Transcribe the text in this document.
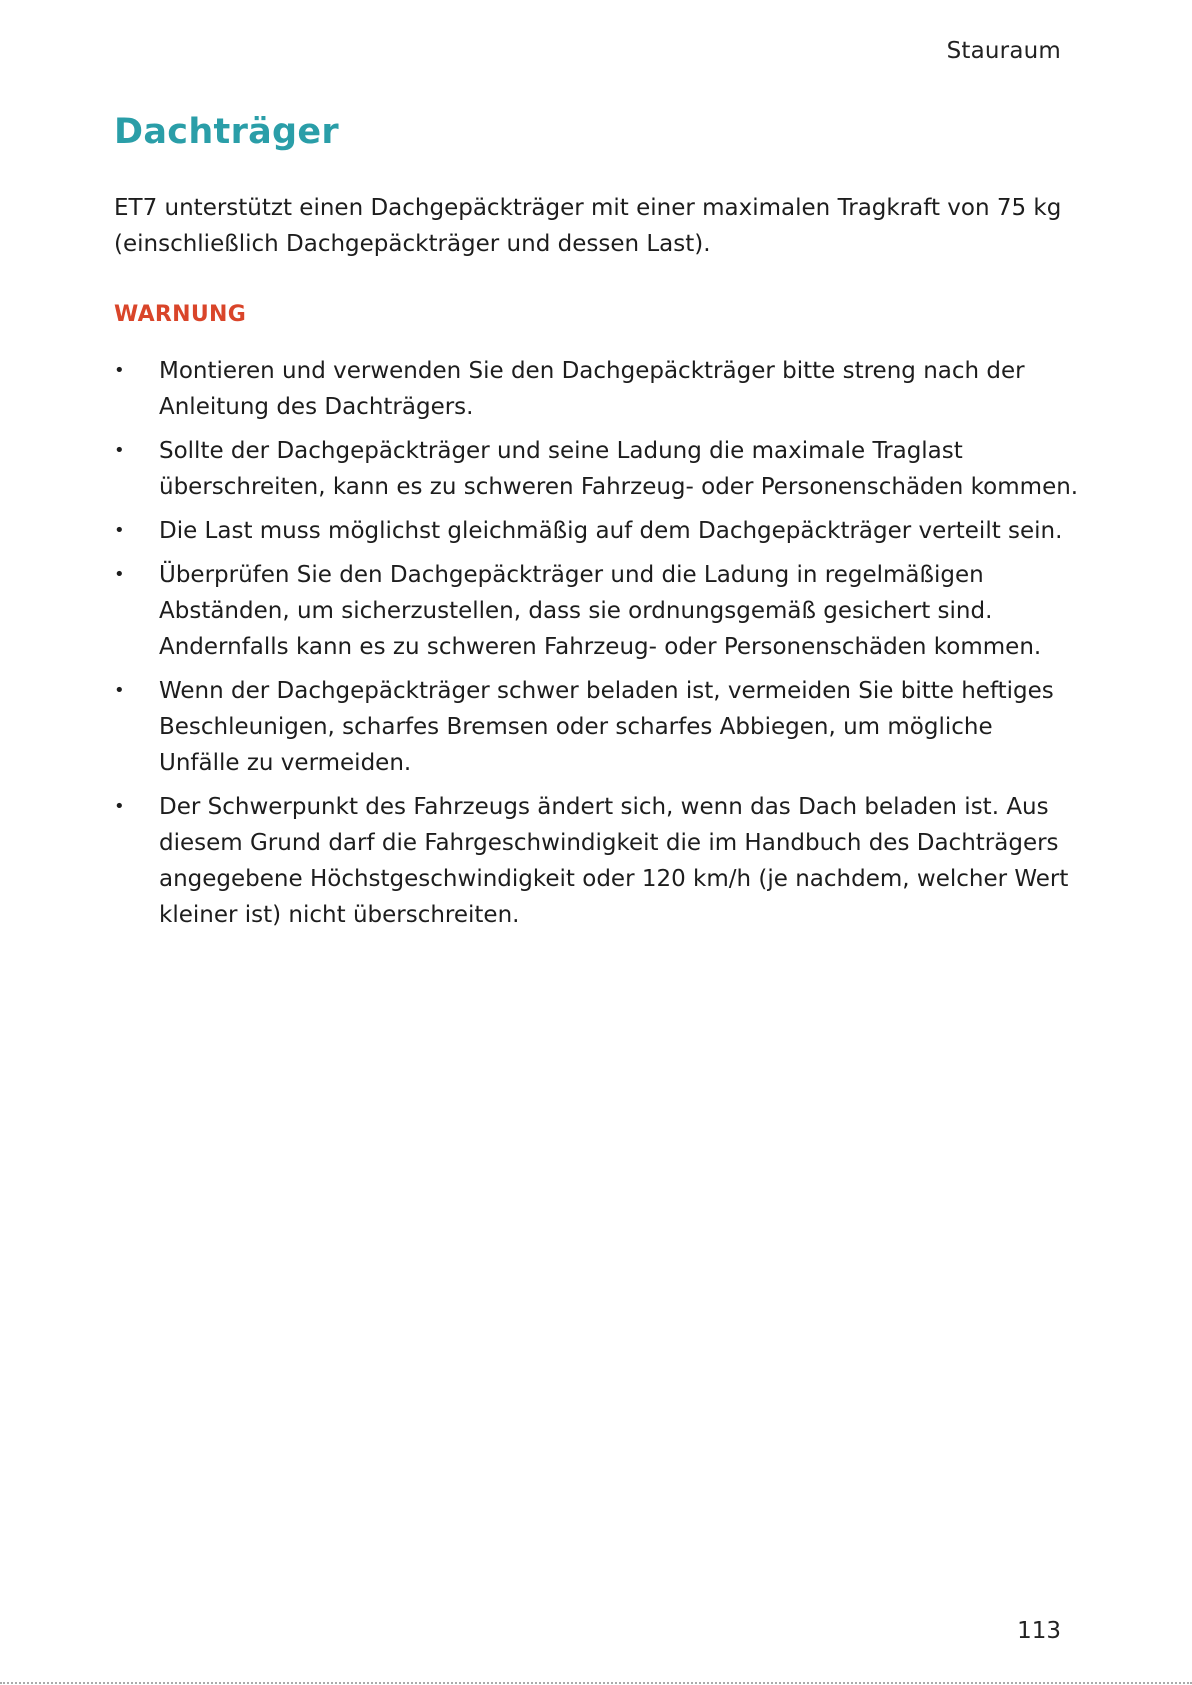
Stauraum
Dachträger

ET7 unterstützt einen Dachgepäckträger mit einer maximalen Tragkraft von 75 kg (einschließlich Dachgepäckträger und dessen Last).

WARNUNG
• Montieren und verwenden Sie den Dachgepäckträger bitte streng nach der Anleitung des Dachträgers.
• Sollte der Dachgepäckträger und seine Ladung die maximale Traglast überschreiten, kann es zu schweren Fahrzeug- oder Personenschäden kommen.
• Die Last muss möglichst gleichmäßig auf dem Dachgepäckträger verteilt sein.
• Überprüfen Sie den Dachgepäckträger und die Ladung in regelmäßigen Abständen, um sicherzustellen, dass sie ordnungsgemäß gesichert sind. Andernfalls kann es zu schweren Fahrzeug- oder Personenschäden kommen.
• Wenn der Dachgepäckträger schwer beladen ist, vermeiden Sie bitte heftiges Beschleunigen, scharfes Bremsen oder scharfes Abbiegen, um mögliche Unfälle zu vermeiden.
• Der Schwerpunkt des Fahrzeugs ändert sich, wenn das Dach beladen ist. Aus diesem Grund darf die Fahrgeschwindigkeit die im Handbuch des Dachträgers angegebene Höchstgeschwindigkeit oder 120 km/h (je nachdem, welcher Wert kleiner ist) nicht überschreiten.
113
